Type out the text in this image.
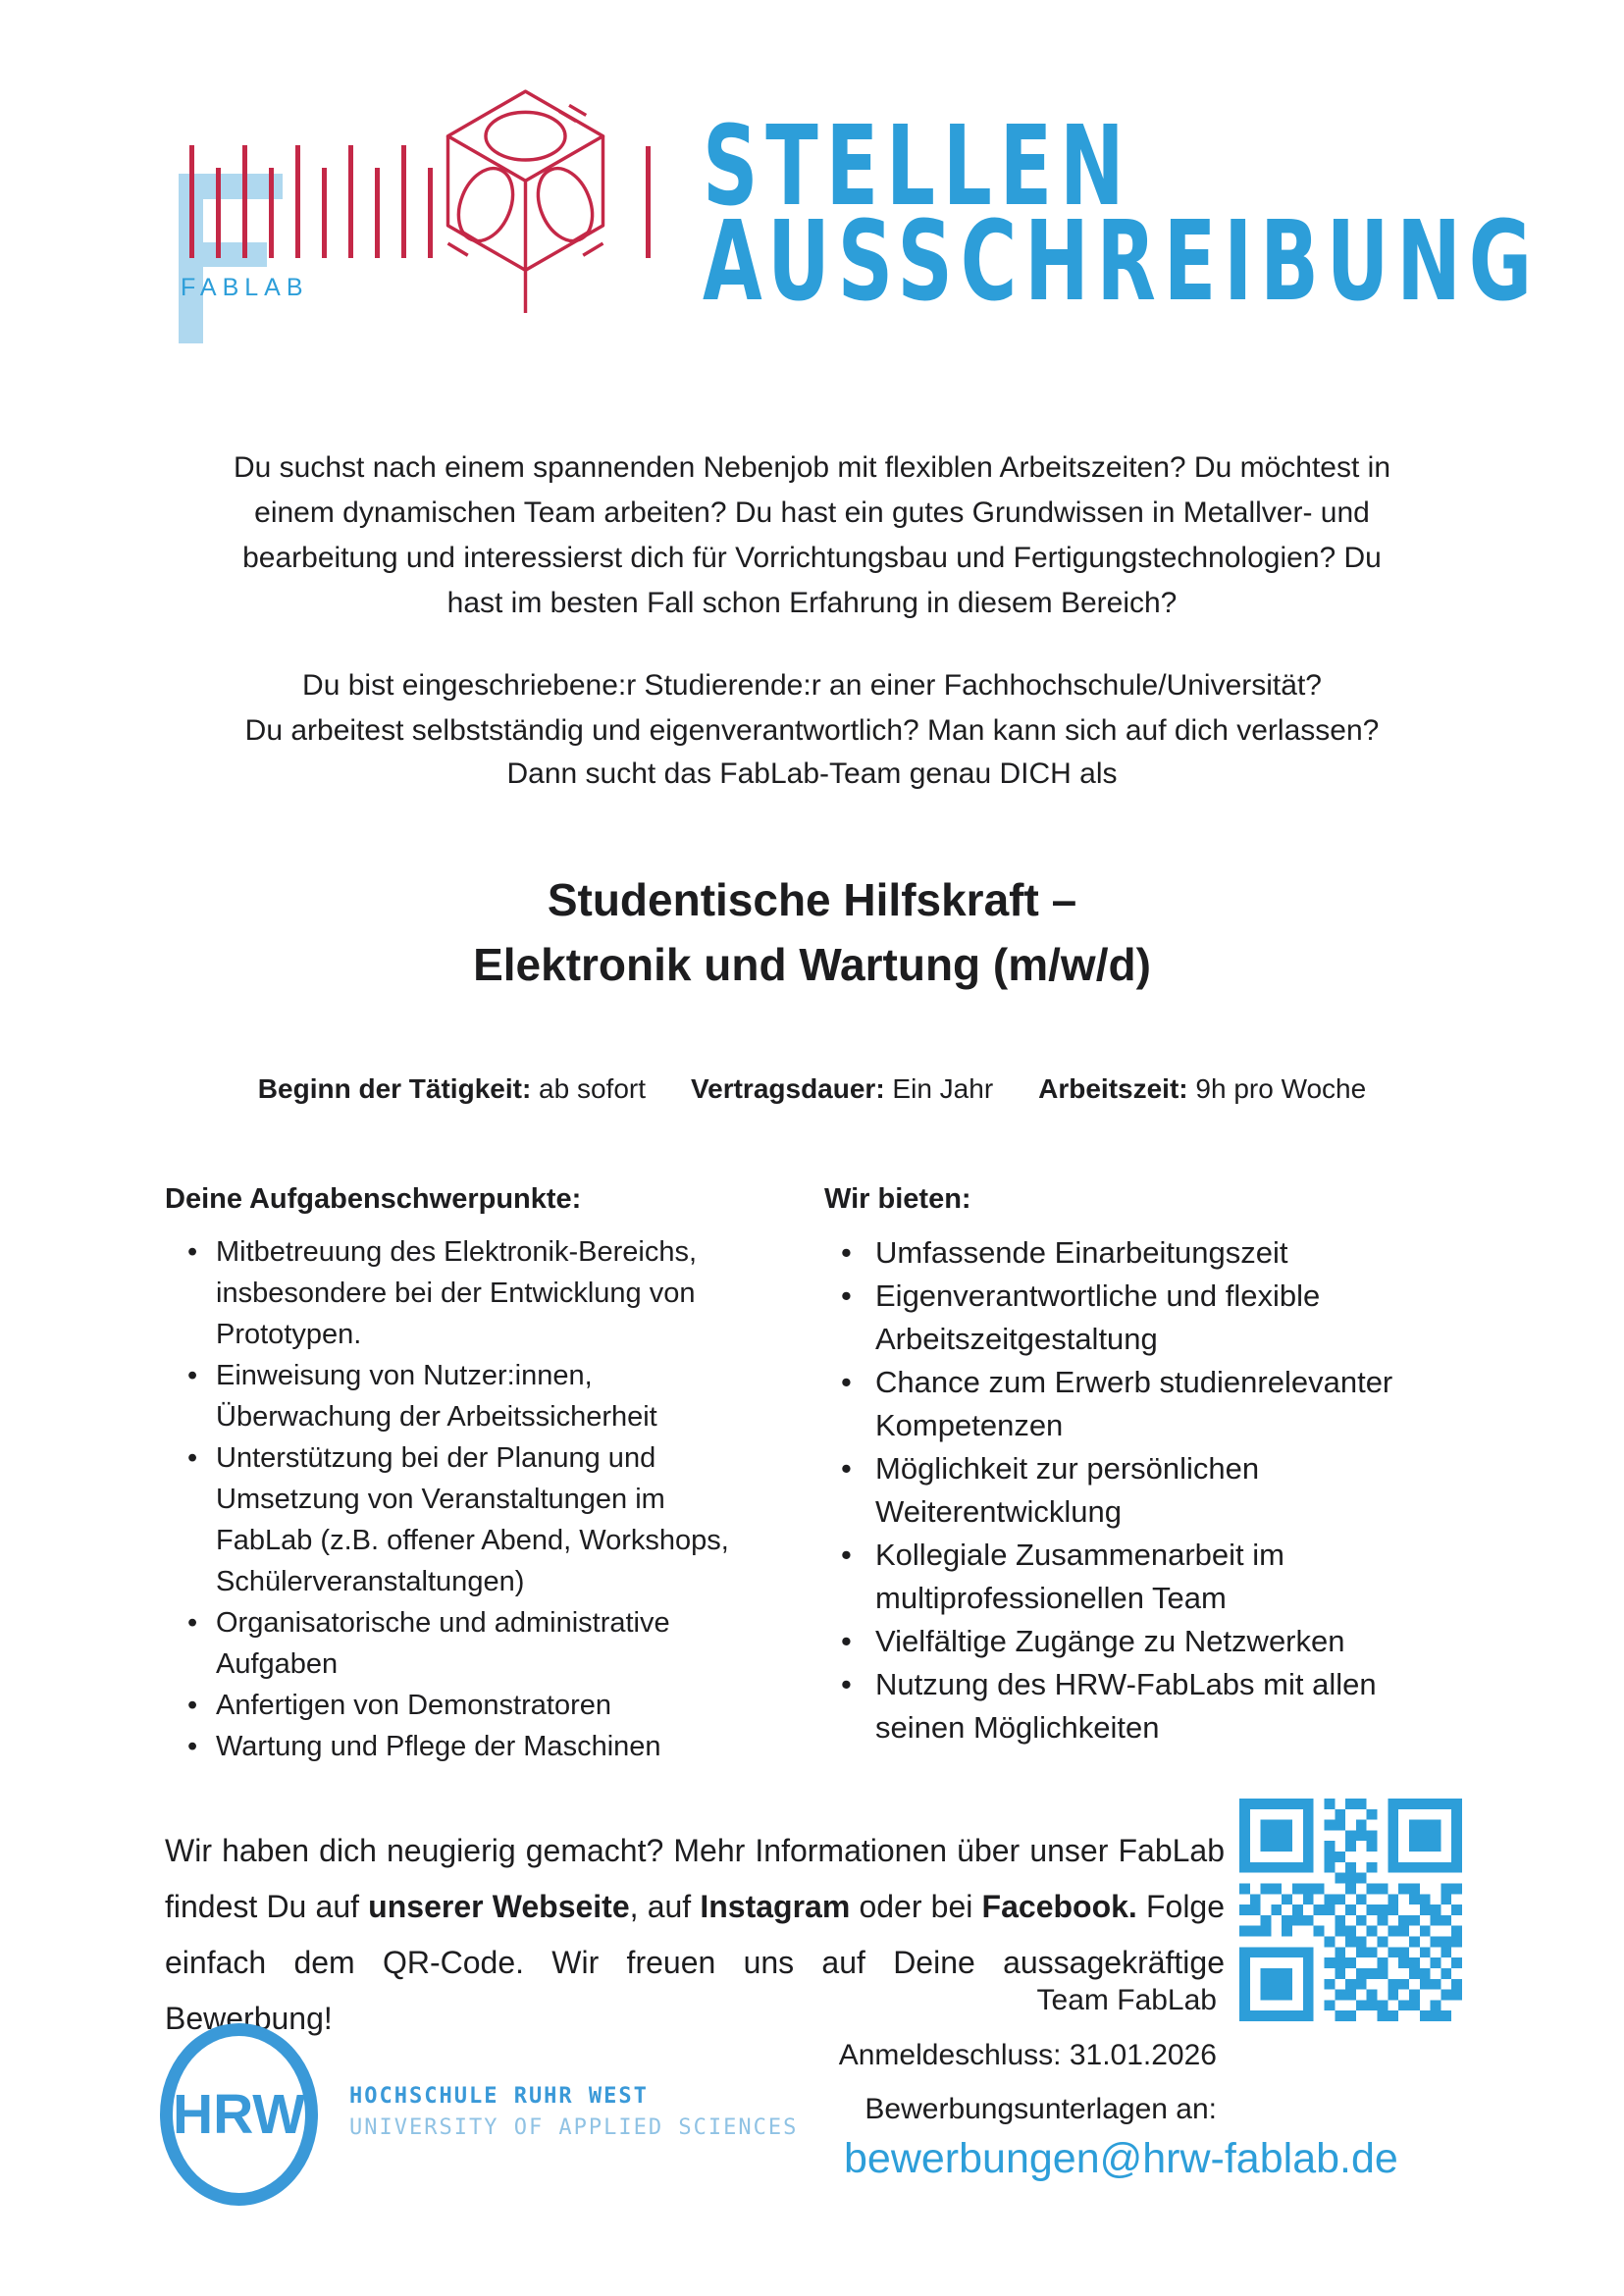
FABLAB
STELLEN
AUSSCHREIBUNG

Du suchst nach einem spannenden Nebenjob mit flexiblen Arbeitszeiten? Du möchtest in
einem dynamischen Team arbeiten? Du hast ein gutes Grundwissen in Metallver- und
bearbeitung und interessierst dich für Vorrichtungsbau und Fertigungstechnologien? Du
hast im besten Fall schon Erfahrung in diesem Bereich?

Du bist eingeschriebene:r Studierende:r an einer Fachhochschule/Universität?
Du arbeitest selbstständig und eigenverantwortlich? Man kann sich auf dich verlassen?

Dann sucht das FabLab-Team genau DICH als
Studentische Hilfskraft –
Elektronik und Wartung (m/w/d)
Beginn der Tätigkeit: ab sofort Vertragsdauer: Ein Jahr Arbeitszeit: 9h pro Woche
Deine Aufgabenschwerpunkte:
• Mitbetreuung des Elektronik-Bereichs, insbesondere bei der Entwicklung von Prototypen.
• Einweisung von Nutzer:innen, Überwachung der Arbeitssicherheit
• Unterstützung bei der Planung und Umsetzung von Veranstaltungen im FabLab (z.B. offener Abend, Workshops, Schülerveranstaltungen)
• Organisatorische und administrative Aufgaben
• Anfertigen von Demonstratoren
• Wartung und Pflege der Maschinen
Wir bieten:
• Umfassende Einarbeitungszeit
• Eigenverantwortliche und flexible Arbeitszeitgestaltung
• Chance zum Erwerb studienrelevanter Kompetenzen
• Möglichkeit zur persönlichen Weiterentwicklung
• Kollegiale Zusammenarbeit im multiprofessionellen Team
• Vielfältige Zugänge zu Netzwerken
• Nutzung des HRW-FabLabs mit allen seinen Möglichkeiten

Wir haben dich neugierig gemacht? Mehr Informationen über unser FabLab findest Du auf unserer Webseite, auf Instagram oder bei Facebook. Folge einfach dem QR-Code. Wir freuen uns auf Deine aussagekräftige Bewerbung!

Team FabLab
Anmeldeschluss: 31.01.2026
Bewerbungsunterlagen an:
bewerbungen@hrw-fablab.de
HRW HOCHSCHULE RUHR WEST
UNIVERSITY OF APPLIED SCIENCES
